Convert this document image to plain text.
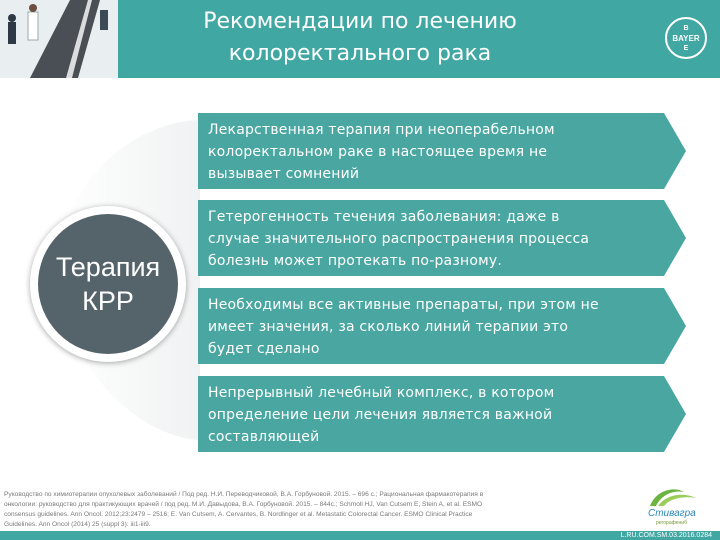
Рекомендации по лечению
колоректального рака
BAYER
B
E
Терапия
КРР
Лекарственная терапия при неоперабельном
колоректальном раке в настоящее время не
вызывает сомнений
Гетерогенность течения заболевания: даже в
случае значительного распространения процесса
болезнь может протекать по-разному.
Необходимы все активные препараты, при этом не
имеет значения, за сколько линий терапии это
будет сделано
Непрерывный лечебный комплекс, в котором
определение цели лечения является важной
составляющей
Руководство по химиотерапии опухолевых заболеваний / Под ред. Н.И. Переводчиковой, В.А. Горбуновой. 2015. – 696 с.; Рациональная фармакотерапия в
онкологии: руководство для практикующих врачей / под ред. М.И. Давыдова, В.А. Горбуновой. 2015. – 844с.; Schmoll HJ, Van Cutsem E, Stein A, et al. ESMO
consensus guidelines. Ann Oncol. 2012;23:2479 – 2516; E. Van Cutsem, A. Cervantes, B. Nordlinger et al. Metastatic Colorectal Cancer. ESMO Clinical Practice
Guidelines. Ann Oncol (2014) 25 (suppl 3): iii1-iii9.
Стивагра
регорафениб
L.RU.COM.SM.03.2016.0284
